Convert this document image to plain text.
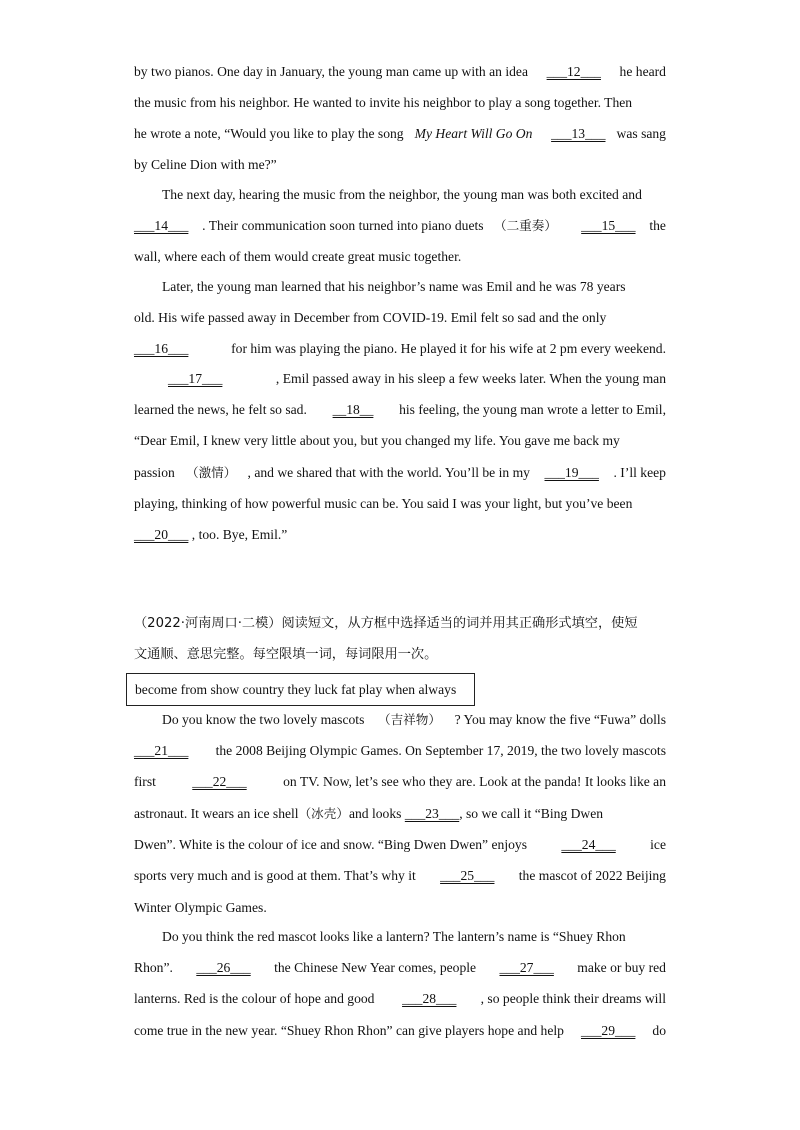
by two pianos. One day in January, the young man came up with an idea ___12___ he heard
the music from his neighbor. He wanted to invite his neighbor to play a song together. Then
he wrote a note, “Would you like to play the song My Heart Will Go On
___13___ was sang
by Celine Dion with me?”
The next day, hearing the music from the neighbor, the young man was both excited and
___14___ . Their communication soon turned into piano duets （二重奏）
___15___ the
wall, where each of them would create great music together.
Later, the young man learned that his neighbor’s name was Emil and he was 78 years
old. His wife passed away in December from COVID-19. Emil felt so sad and the only
___16___	for him was playing the piano. He played it for his wife at 2 pm every weekend.
___17___	, Emil passed away in his sleep a few weeks later. When the young man
learned the news, he felt so sad. __18__ his feeling, the young man wrote a letter to Emil,
“Dear Emil, I knew very little about you, but you changed my life. You gave me back my
passion （激情） , and we shared that with the world. You’ll be in my ___19___ . I’ll keep
playing, thinking of how powerful music can be. You said I was your light, but you’ve been
___20___ , too. Bye, Emil.”
（2022·河南周口·二模）阅读短文，从方框中选择适当的词并用其正确形式填空，使短
文通顺、意思完整。每空限填一词，每词限用一次。
become from show country they luck fat play when always
Do you know the two lovely mascots （吉祥物） ? You may know the five “Fuwa” dolls
___21___ the 2008 Beijing Olympic Games. On September 17, 2019, the two lovely mascots
first ___22___ on TV. Now, let’s see who they are. Look at the panda! It looks like an
astronaut. It wears an ice shell（冰壳）and looks ___23___, so we call it “Bing Dwen
Dwen”. White is the colour of ice and snow. “Bing Dwen Dwen” enjoys ___24___ ice
sports very much and is good at them. That’s why it ___25___ the mascot of 2022 Beijing
Winter Olympic Games.
Do you think the red mascot looks like a lantern? The lantern’s name is “Shuey Rhon
Rhon”. ___26___ the Chinese New Year comes, people ___27___ make or buy red
lanterns. Red is the colour of hope and good ___28___ , so people think their dreams will
come true in the new year. “Shuey Rhon Rhon” can give players hope and help ___29___ do
